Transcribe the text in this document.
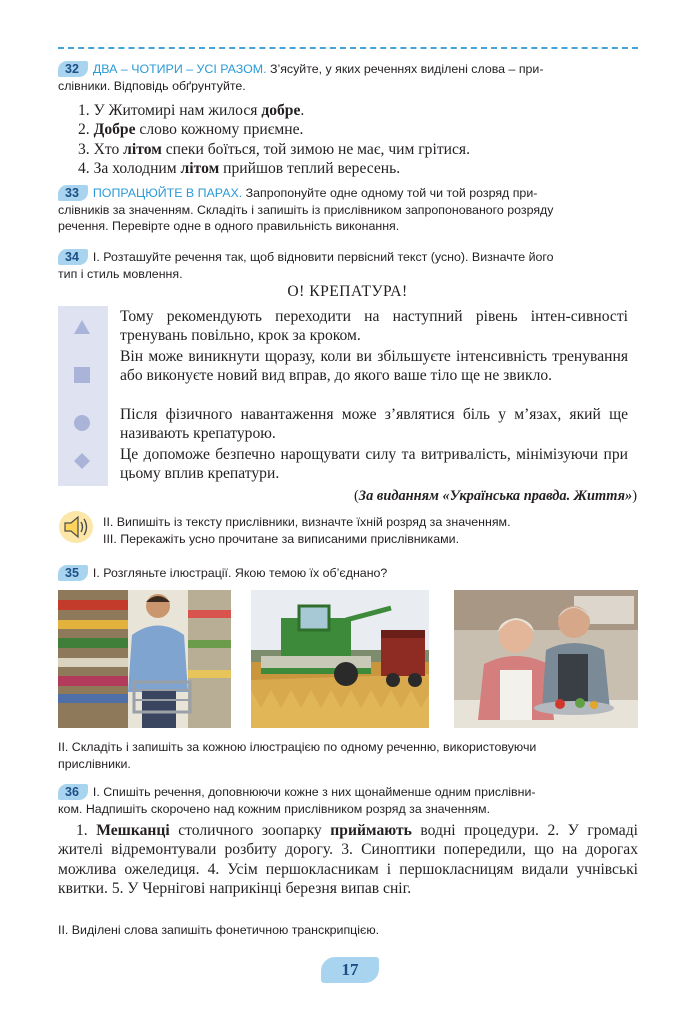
32 ДВА – ЧОТИРИ – УСІ РАЗОМ. З’ясуйте, у яких реченнях виділені слова – при-
слівники. Відповідь обґрунтуйте.

1. У Житомирі нам жилося добре.
2. Добре слово кожному приємне.
3. Хто літом спеки боїться, той зимою не має, чим грітися.
4. За холодним літом прийшов теплий вересень.

33 ПОПРАЦЮЙТЕ В ПАРАХ. Запропонуйте одне одному той чи той розряд при-
слівників за значенням. Складіть і запишіть із прислівником запропонованого розряду
речення. Перевірте одне в одного правильність виконання.

34 I. Розташуйте речення так, щоб відновити первісний текст (усно). Визначте його
тип і стиль мовлення.

О! КРЕПАТУРА!
Тому рекомендують переходити на наступний рівень інтен-сивності тренувань повільно, крок за кроком.
Він може виникнути щоразу, коли ви збільшуєте інтенсивність тренування або виконуєте новий вид вправ, до якого ваше тіло ще не звикло.
Після фізичного навантаження може з’являтися біль у м’язах, який ще називають крепатурою.
Це допоможе безпечно нарощувати силу та витривалість, мінімізуючи при цьому вплив крепатури.
(За виданням «Українська правда. Життя»)
II. Випишіть із тексту прислівники, визначте їхній розряд за значенням.
III. Перекажіть усно прочитане за виписаними прислівниками.

35 I. Розгляньте ілюстрації. Якою темою їх об’єднано?

II. Складіть і запишіть за кожною ілюстрацією по одному реченню, використовуючи
прислівники.

36 I. Спишіть речення, доповнюючи кожне з них щонайменше одним прислівни-
ком. Надпишіть скорочено над кожним прислівником розряд за значенням.

1. Мешканці столичного зоопарку приймають водні процедури. 2. У громаді жителі відремонтували розбиту дорогу. 3. Синоптики попередили, що на дорогах можлива ожеледиця. 4. Усім першокласникам і першокласницям видали учнівські квитки. 5. У Чернігові наприкінці березня випав сніг.
II. Виділені слова запишіть фонетичною транскрипцією.
17
